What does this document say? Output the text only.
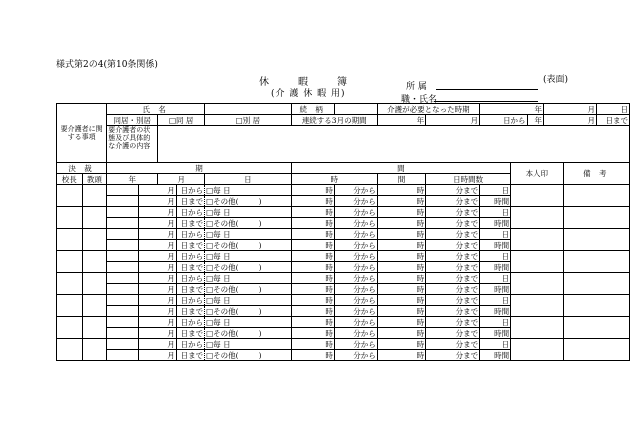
様式第2の4(第10条関係)
(表面)
休	暇	簿
(介 護 休 暇 用)
所 属
職・氏名
要介護者に関する事項		氏 名					続 柄		介護が必要となった時期		年			月		日
		同居・別居		□同 居		□別 居	連続する3月の期間		年	月	日から		年	月		日まで
		要介護者の状態及び具体的な介護の内容														
決 裁		期					間					本人印			備 考	
校長	教頭	年		月		日	時		間	日時間数						
			月		日から	□毎 日	時	分から	時	分まで	日					
			月		日まで	□その他( )	時	分から	時	分まで	時間					
			月		日から	□毎 日	時	分から	時	分まで	日					
			月		日まで	□その他( )	時	分から	時	分まで	時間					
			月		日から	□毎 日	時	分から	時	分まで	日					
			月		日まで	□その他( )	時	分から	時	分まで	時間					
			月		日から	□毎 日	時	分から	時	分まで	日					
			月		日まで	□その他( )	時	分から	時	分まで	時間					
			月		日から	□毎 日	時	分から	時	分まで	日					
			月		日まで	□その他( )	時	分から	時	分まで	時間					
			月		日から	□毎 日	時	分から	時	分まで	日					
			月		日まで	□その他( )	時	分から	時	分まで	時間					
			月		日から	□毎 日	時	分から	時	分まで	日					
			月		日まで	□その他( )	時	分から	時	分まで	時間					
			月		日から	□毎 日	時	分から	時	分まで	日					
			月		日まで	□その他( )	時	分から	時	分まで	時間					
